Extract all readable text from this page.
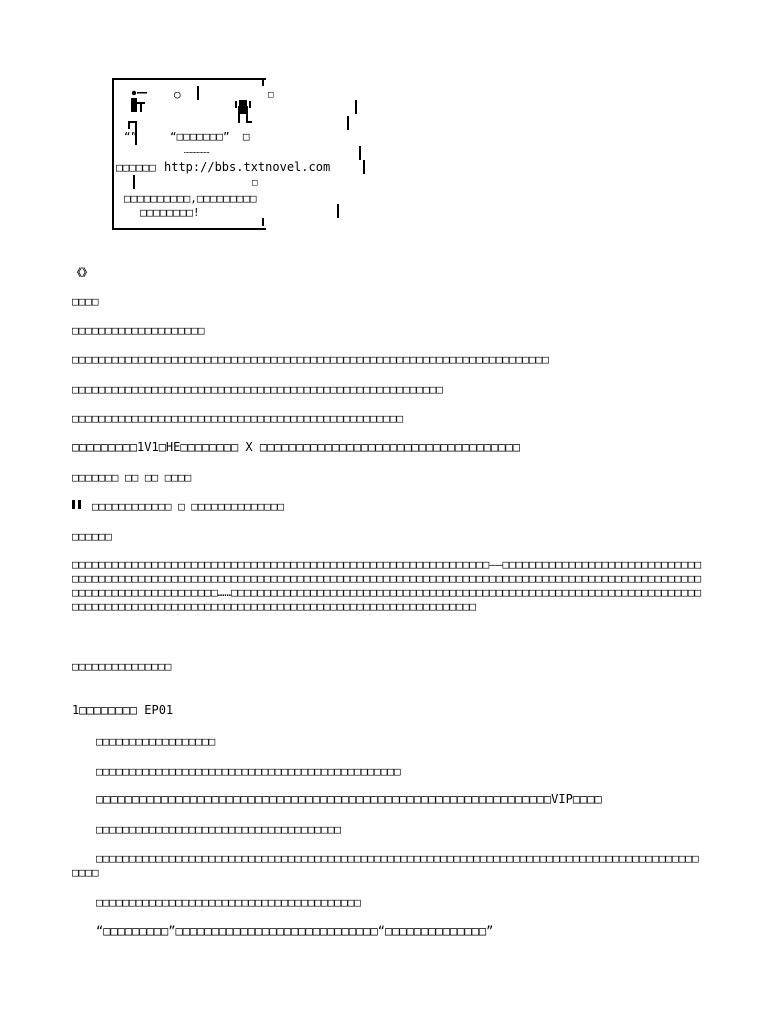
○	□
“”	“□□□□□□□”  □
………………
□□□□□□ http://bbs.txtnovel.com
□
□□□□□□□□□□,□□□□□□□□□
□□□□□□□□!
《》
□□□□
□□□□□□□□□□□□□□□□□□□□
□□□□□□□□□□□□□□□□□□□□□□□□□□□□□□□□□□□□□□□□□□□□□□□□□□□□□□□□□□□□□□□□□□□□□□□□
□□□□□□□□□□□□□□□□□□□□□□□□□□□□□□□□□□□□□□□□□□□□□□□□□□□□□□□□
□□□□□□□□□□□□□□□□□□□□□□□□□□□□□□□□□□□□□□□□□□□□□□□□□□
□□□□□□□□□1V1□HE□□□□□□□□ X □□□□□□□□□□□□□□□□□□□□□□□□□□□□□□□□□□□□
□□□□□□□ □□ □□ □□□□
□□□□□□□□□□□□ □ □□□□□□□□□□□□□□
□□□□□□
□□□□□□□□□□□□□□□□□□□□□□□□□□□□□□□□□□□□□□□□□□□□□□□□□□□□□□□□□□□□□□□——□□□□□□□□□□□□□□□□□□□□□□□□□□□□□□□□□□□□□□□□□□□□□□□□□□□□□□□□□□□□□□□□□□□□□□□□□□□□□□□□□□□□□□□□□□□□□□□□□□□□□□□□□□□□□□□□□□□□□□□□□□□□□□□□□□□□□□□□□□□□□□□□□□□……□□□□□□□□□□□□□□□□□□□□□□□□□□□□□□□□□□□□□□□□□□□□□□□□□□□□□□□□□□□□□□□□□□□□□□□□□□□□□□□□□□□□□□□□□□□□□□□□□□□□□□□□□□□□□□□□□□□□□□□□□□□□□□□□□□□□
□□□□□□□□□□□□□□□
1□□□□□□□□ EP01
□□□□□□□□□□□□□□□□□□
□□□□□□□□□□□□□□□□□□□□□□□□□□□□□□□□□□□□□□□□□□□□□□
□□□□□□□□□□□□□□□□□□□□□□□□□□□□□□□□□□□□□□□□□□□□□□□□□□□□□□□□□□□□□□□VIP□□□□
□□□□□□□□□□□□□□□□□□□□□□□□□□□□□□□□□□□□□
□□□□□□□□□□□□□□□□□□□□□□□□□□□□□□□□□□□□□□□□□□□□□□□□□□□□□□□□□□□□□□□□□□□□□□□□□□□□□□□□□□□□□□□□□□□□□□□
□□□□□□□□□□□□□□□□□□□□□□□□□□□□□□□□□□□□□□□□
“□□□□□□□□□”□□□□□□□□□□□□□□□□□□□□□□□□□□□□“□□□□□□□□□□□□□□”
